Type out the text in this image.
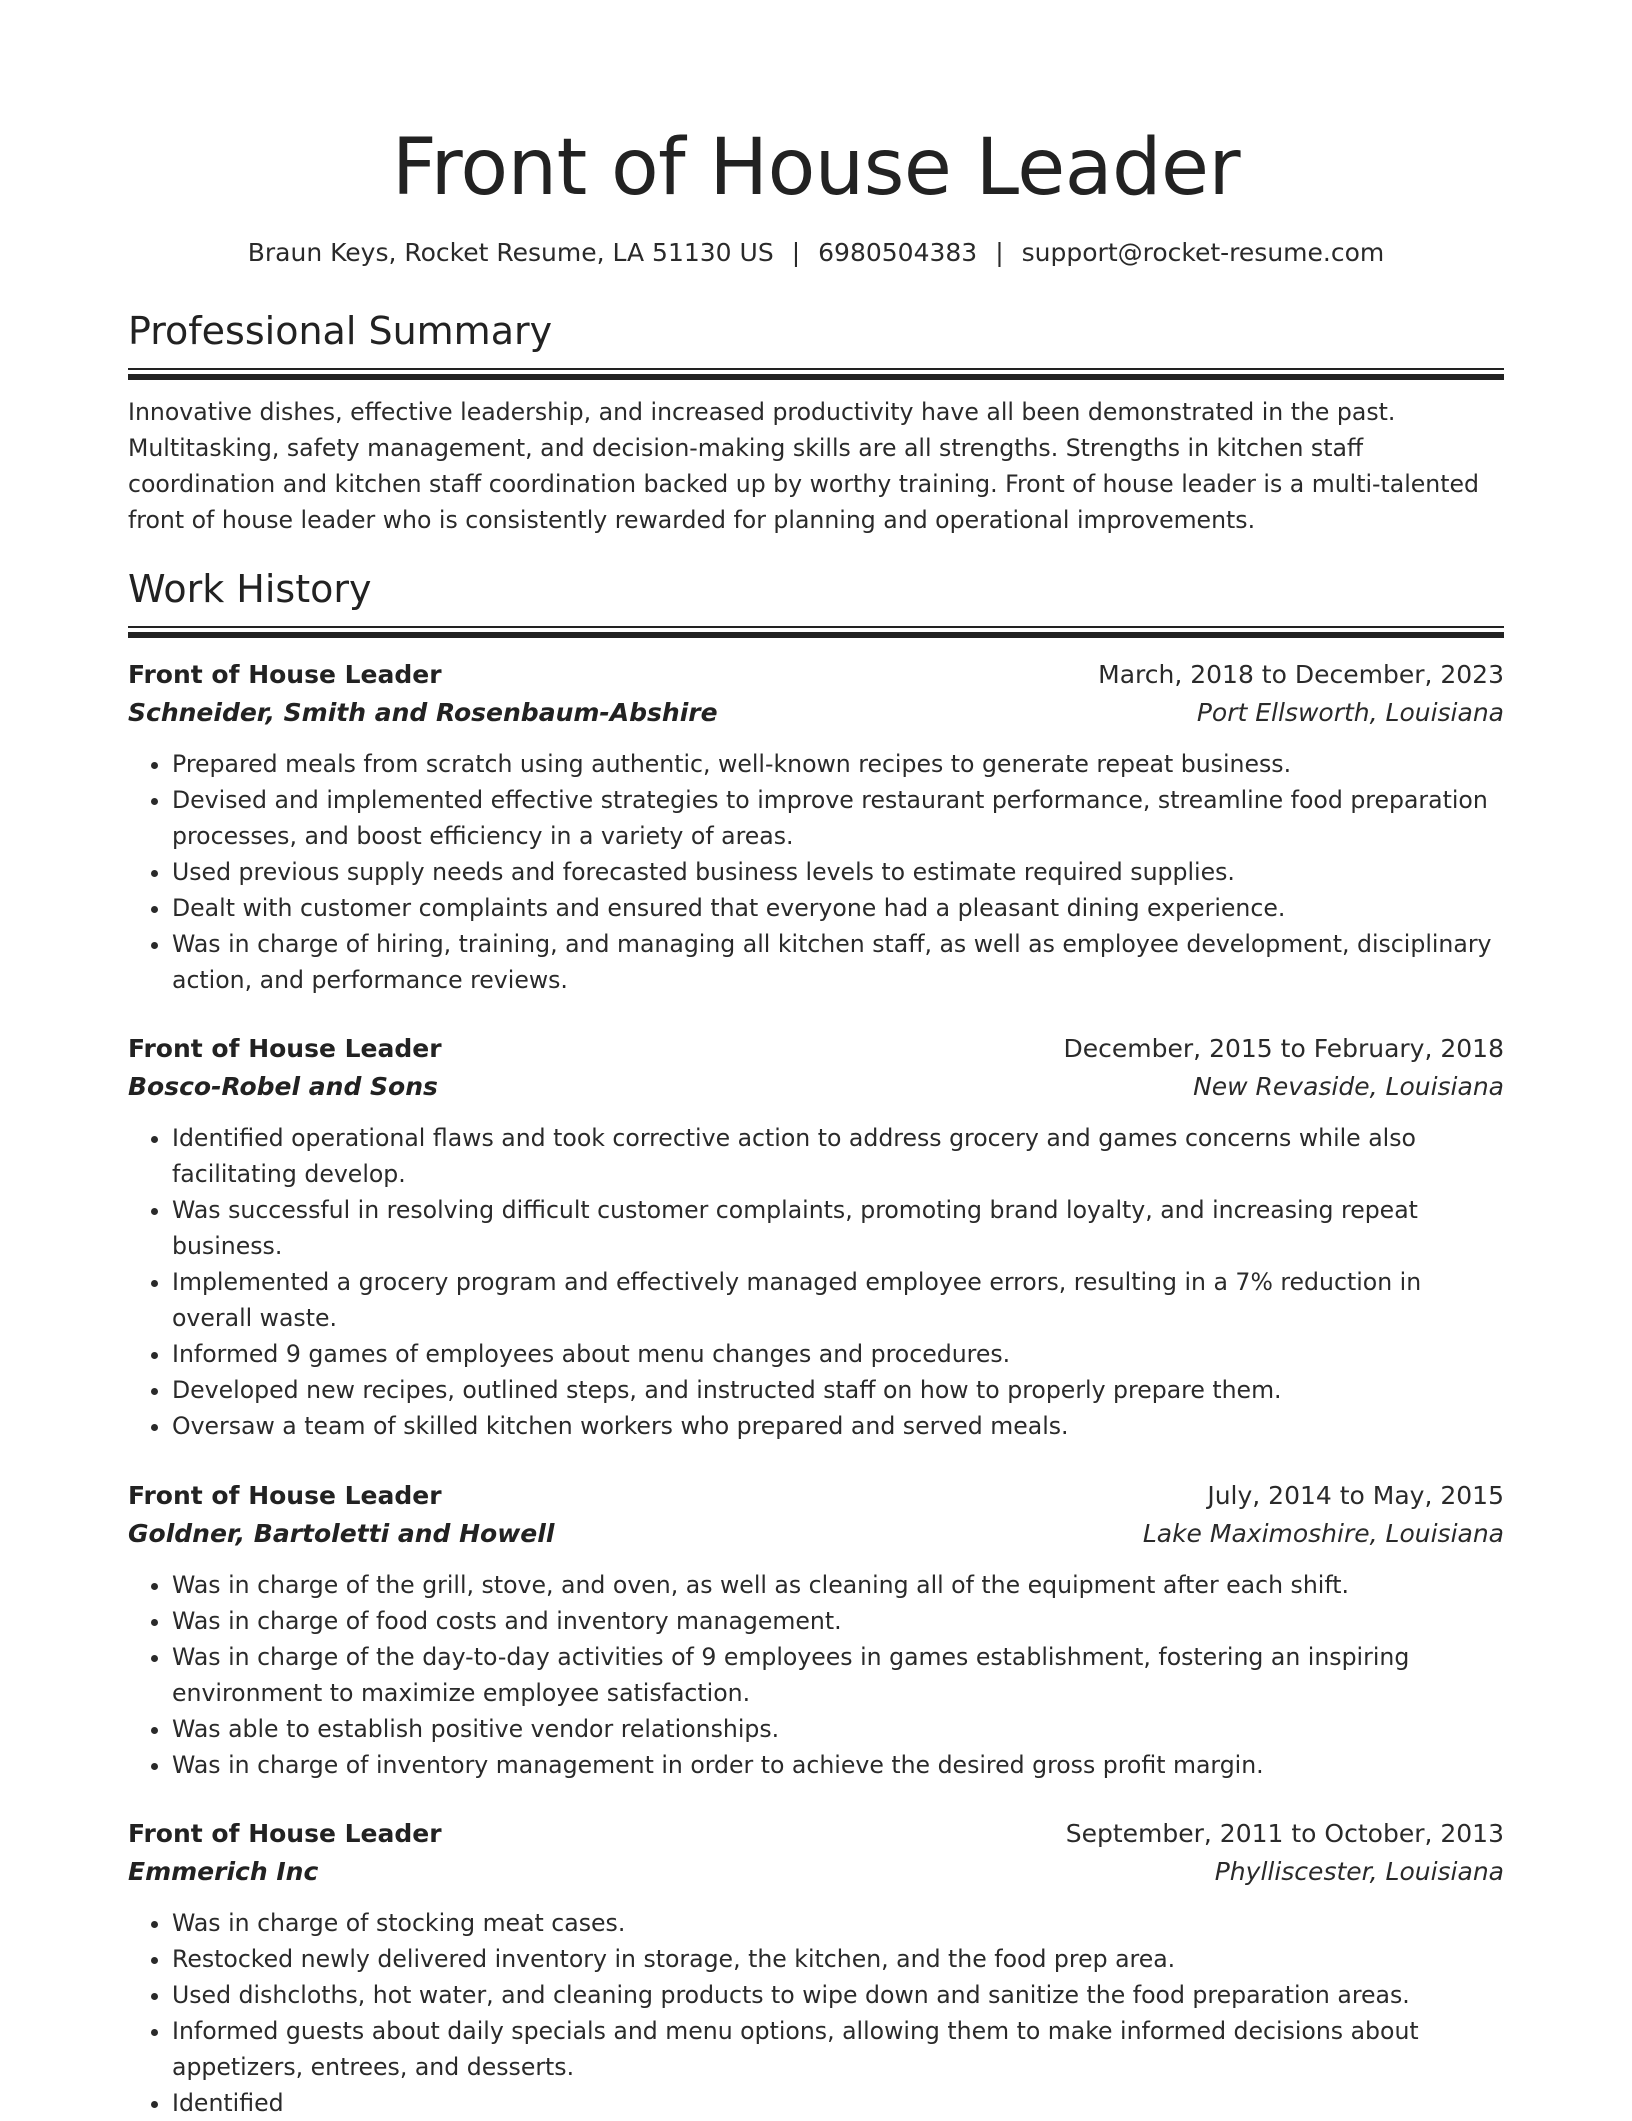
Front of House Leader
Braun Keys, Rocket Resume, LA 51130 US | 6980504383 | support@rocket-resume.com
Professional Summary
Innovative dishes, effective leadership, and increased productivity have all been demonstrated in the past. Multitasking, safety management, and decision-making skills are all strengths. Strengths in kitchen staff coordination and kitchen staff coordination backed up by worthy training. Front of house leader is a multi-talented front of house leader who is consistently rewarded for planning and operational improvements.
Work History
Front of House Leader	March, 2018 to December, 2023
Schneider, Smith and Rosenbaum-Abshire	Port Ellsworth, Louisiana
• Prepared meals from scratch using authentic, well-known recipes to generate repeat business.
• Devised and implemented effective strategies to improve restaurant performance, streamline food preparation processes, and boost efficiency in a variety of areas.
• Used previous supply needs and forecasted business levels to estimate required supplies.
• Dealt with customer complaints and ensured that everyone had a pleasant dining experience.
• Was in charge of hiring, training, and managing all kitchen staff, as well as employee development, disciplinary action, and performance reviews.
Front of House Leader	December, 2015 to February, 2018
Bosco-Robel and Sons	New Revaside, Louisiana
• Identified operational flaws and took corrective action to address grocery and games concerns while also facilitating develop.
• Was successful in resolving difficult customer complaints, promoting brand loyalty, and increasing repeat business.
• Implemented a grocery program and effectively managed employee errors, resulting in a 7% reduction in overall waste.
• Informed 9 games of employees about menu changes and procedures.
• Developed new recipes, outlined steps, and instructed staff on how to properly prepare them.
• Oversaw a team of skilled kitchen workers who prepared and served meals.
Front of House Leader	July, 2014 to May, 2015
Goldner, Bartoletti and Howell	Lake Maximoshire, Louisiana
• Was in charge of the grill, stove, and oven, as well as cleaning all of the equipment after each shift.
• Was in charge of food costs and inventory management.
• Was in charge of the day-to-day activities of 9 employees in games establishment, fostering an inspiring environment to maximize employee satisfaction.
• Was able to establish positive vendor relationships.
• Was in charge of inventory management in order to achieve the desired gross profit margin.
Front of House Leader	September, 2011 to October, 2013
Emmerich Inc	Phylliscester, Louisiana
• Was in charge of stocking meat cases.
• Restocked newly delivered inventory in storage, the kitchen, and the food prep area.
• Used dishcloths, hot water, and cleaning products to wipe down and sanitize the food preparation areas.
• Informed guests about daily specials and menu options, allowing them to make informed decisions about appetizers, entrees, and desserts.
• Identified
